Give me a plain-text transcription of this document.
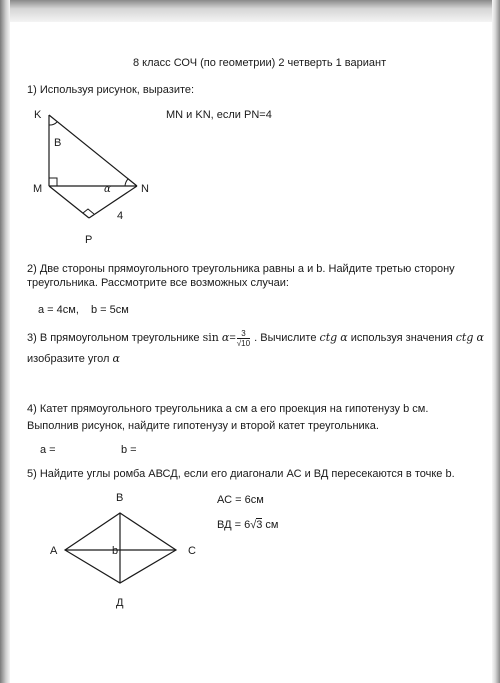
8 класс СОЧ (по геометрии) 2 четверть 1 вариант
1) Используя рисунок, выразите:
MN и KN, если PN=4
K
M	N
P
B
α
4
2) Две стороны прямоугольного треугольника равны a и b. Найдите третью сторону треугольника. Рассмотрите все возможных случаи:
a = 4см, b = 5см
3) В прямоугольном треугольнике $\sin \alpha= \frac{3}{√10}$ . Вычислите ctg α используя значения ctg α
изобразите угол α
4) Катет прямоугольного треугольника a см а его проекция на гипотенузу b см.
Выполнив рисунок, найдите гипотенузу и второй катет треугольника.
a =	b =
5) Найдите углы ромба АВСД, если его диагонали АС и ВД пересекаются в точке b.
АС = 6см
ВД = 6√3 см
B
A	C
Д
b
